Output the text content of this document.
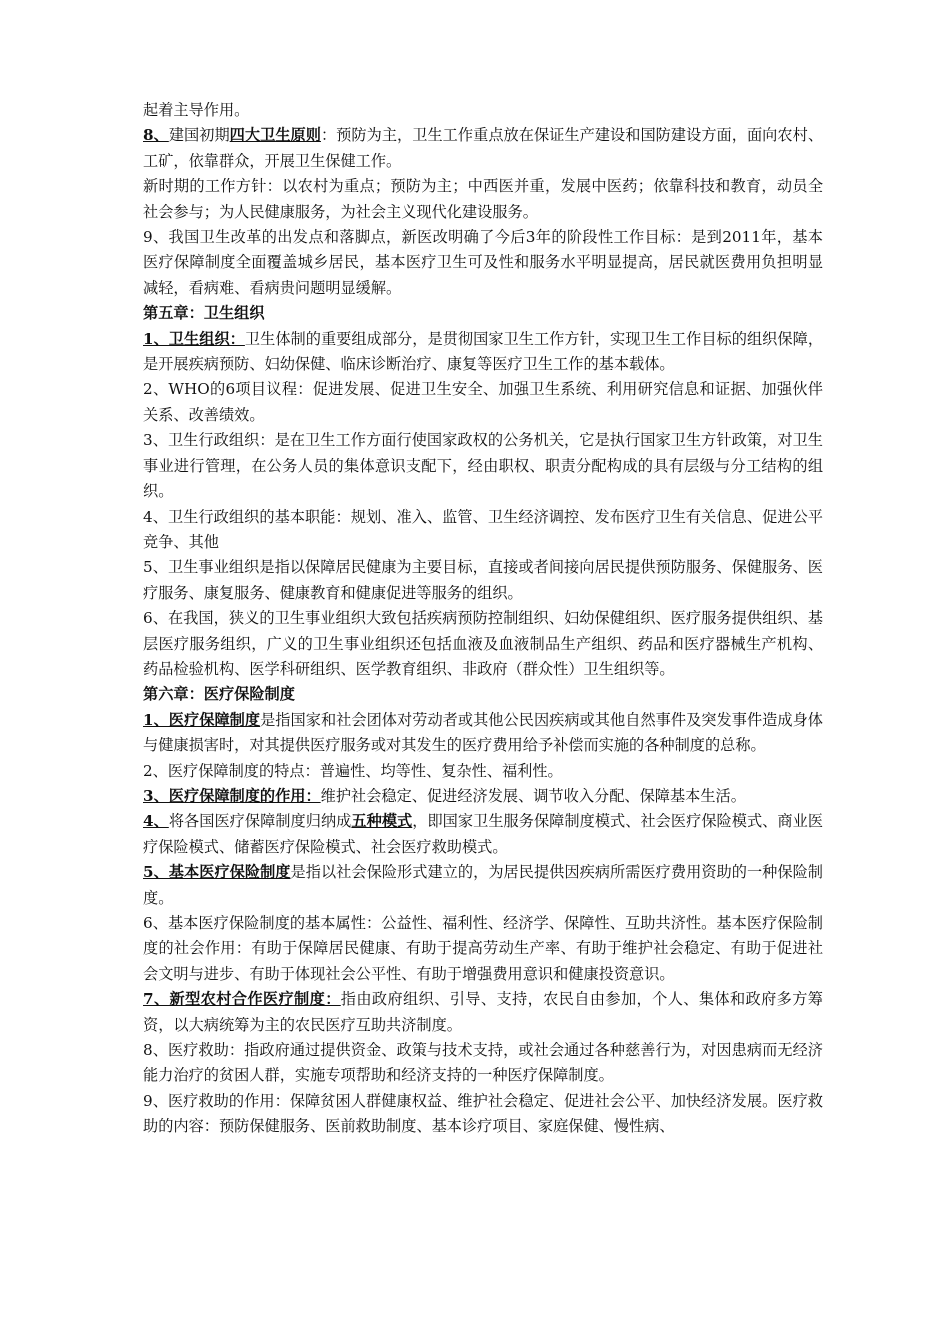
起着主导作用。

8、建国初期四大卫生原则：预防为主，卫生工作重点放在保证生产建设和国防建设方面，面向农村、工矿，依靠群众，开展卫生保健工作。

新时期的工作方针：以农村为重点；预防为主；中西医并重，发展中医药；依靠科技和教育，动员全社会参与；为人民健康服务，为社会主义现代化建设服务。

9、我国卫生改革的出发点和落脚点，新医改明确了今后3年的阶段性工作目标：是到2011年，基本医疗保障制度全面覆盖城乡居民，基本医疗卫生可及性和服务水平明显提高，居民就医费用负担明显减轻，看病难、看病贵问题明显缓解。

第五章：卫生组织

1、卫生组织：卫生体制的重要组成部分，是贯彻国家卫生工作方针，实现卫生工作目标的组织保障，是开展疾病预防、妇幼保健、临床诊断治疗、康复等医疗卫生工作的基本载体。

2、WHO的6项目议程：促进发展、促进卫生安全、加强卫生系统、利用研究信息和证据、加强伙伴关系、改善绩效。

3、卫生行政组织：是在卫生工作方面行使国家政权的公务机关，它是执行国家卫生方针政策，对卫生事业进行管理，在公务人员的集体意识支配下，经由职权、职责分配构成的具有层级与分工结构的组织。

4、卫生行政组织的基本职能：规划、准入、监管、卫生经济调控、发布医疗卫生有关信息、促进公平竞争、其他

5、卫生事业组织是指以保障居民健康为主要目标，直接或者间接向居民提供预防服务、保健服务、医疗服务、康复服务、健康教育和健康促进等服务的组织。

6、在我国，狭义的卫生事业组织大致包括疾病预防控制组织、妇幼保健组织、医疗服务提供组织、基层医疗服务组织，广义的卫生事业组织还包括血液及血液制品生产组织、药品和医疗器械生产机构、药品检验机构、医学科研组织、医学教育组织、非政府（群众性）卫生组织等。

第六章：医疗保险制度

1、医疗保障制度是指国家和社会团体对劳动者或其他公民因疾病或其他自然事件及突发事件造成身体与健康损害时，对其提供医疗服务或对其发生的医疗费用给予补偿而实施的各种制度的总称。

2、医疗保障制度的特点：普遍性、均等性、复杂性、福利性。

3、医疗保障制度的作用：维护社会稳定、促进经济发展、调节收入分配、保障基本生活。

4、将各国医疗保障制度归纳成五种模式，即国家卫生服务保障制度模式、社会医疗保险模式、商业医疗保险模式、储蓄医疗保险模式、社会医疗救助模式。

5、基本医疗保险制度是指以社会保险形式建立的，为居民提供因疾病所需医疗费用资助的一种保险制度。

6、基本医疗保险制度的基本属性：公益性、福利性、经济学、保障性、互助共济性。基本医疗保险制度的社会作用：有助于保障居民健康、有助于提高劳动生产率、有助于维护社会稳定、有助于促进社会文明与进步、有助于体现社会公平性、有助于增强费用意识和健康投资意识。

7、新型农村合作医疗制度：指由政府组织、引导、支持，农民自由参加，个人、集体和政府多方筹资，以大病统筹为主的农民医疗互助共济制度。

8、医疗救助：指政府通过提供资金、政策与技术支持，或社会通过各种慈善行为，对因患病而无经济能力治疗的贫困人群，实施专项帮助和经济支持的一种医疗保障制度。

9、医疗救助的作用：保障贫困人群健康权益、维护社会稳定、促进社会公平、加快经济发展。医疗救助的内容：预防保健服务、医前救助制度、基本诊疗项目、家庭保健、慢性病、
